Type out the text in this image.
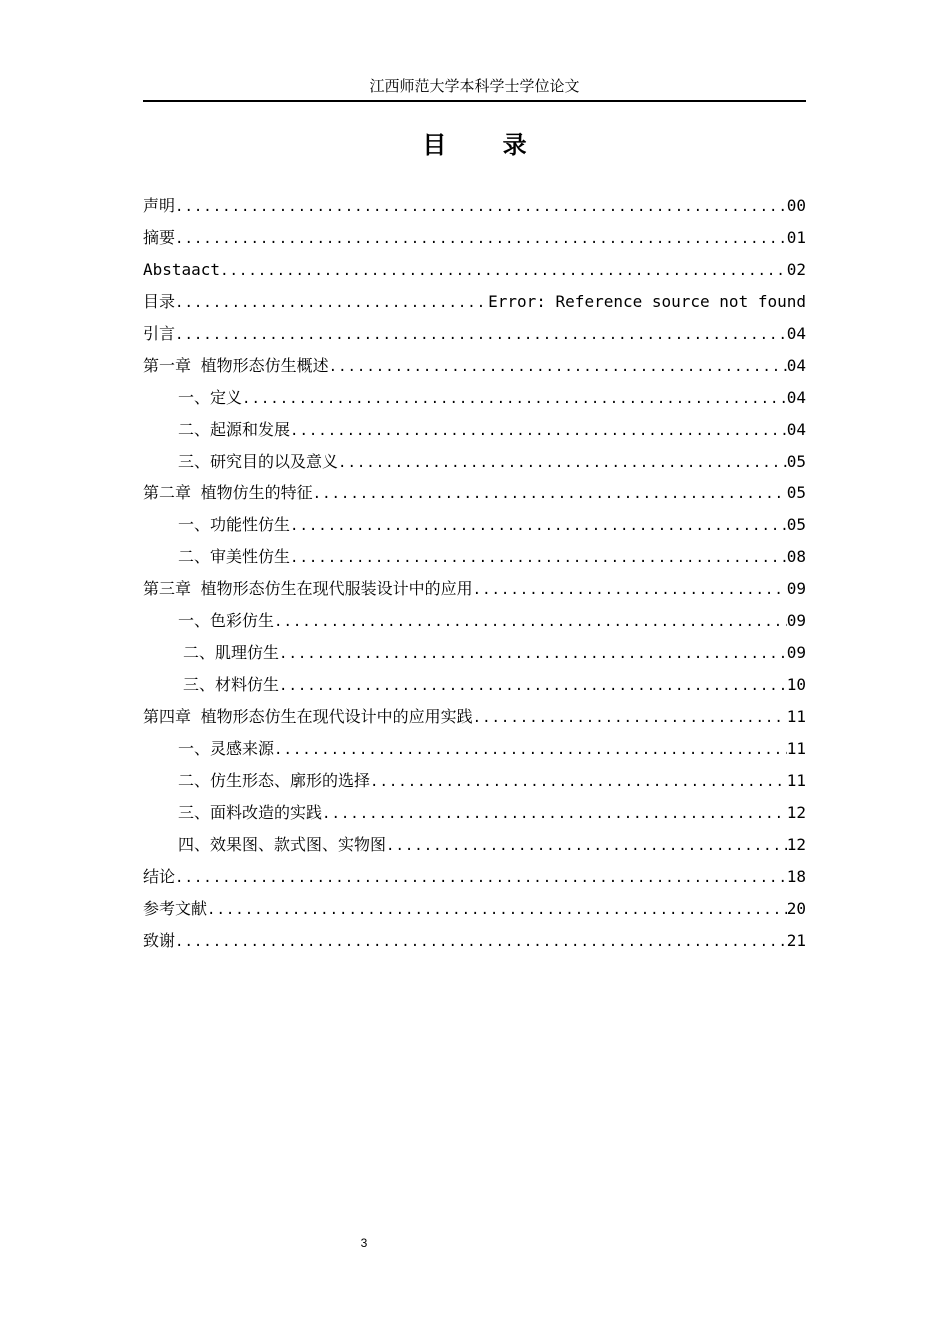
江西师范大学本科学士学位论文
目 录
声明 .....	00
摘要 .....	01
Abstaact .....	02
目录 .....	Error: Reference source not found
引言 .....	04
第一章 植物形态仿生概述 .....	04
一、定义 .....	04
二、起源和发展 .....	04
三、研究目的以及意义 .....	05
第二章 植物仿生的特征 .....	05
一、功能性仿生 .....	05
二、审美性仿生 .....	08
第三章 植物形态仿生在现代服装设计中的应用 .....	09
一、色彩仿生 .....	09
二、肌理仿生 .....	09
三、材料仿生 .....	10
第四章 植物形态仿生在现代设计中的应用实践 .....	11
一、灵感来源 .....	11
二、仿生形态、廓形的选择 .....	11
三、面料改造的实践 .....	12
四、效果图、款式图、实物图 .....	12
结论 .....	18
参考文献 .....	20
致谢 .....	21
3
